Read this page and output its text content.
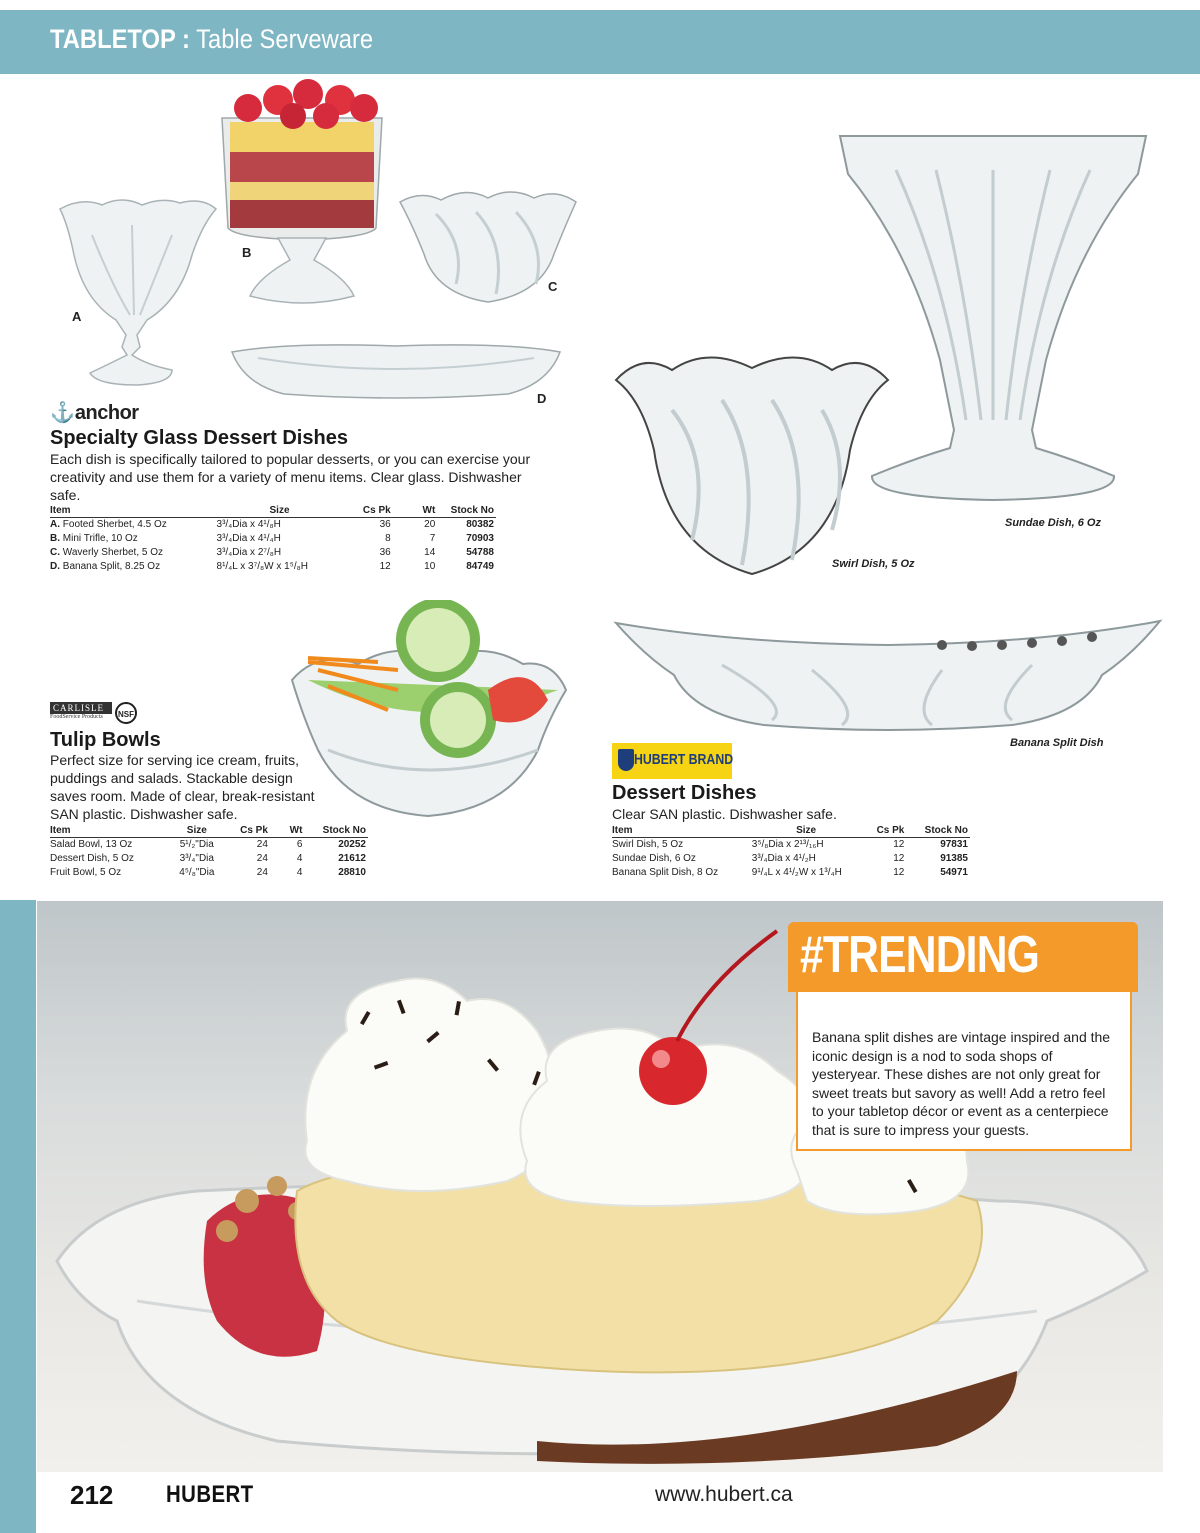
TABLETOP : Table Serveware
A
B
C
D
⚓anchor
Specialty Glass Dessert Dishes
Each dish is specifically tailored to popular desserts, or you can exercise your creativity and use them for a variety of menu items. Clear glass. Dishwasher safe.
Item	Size	Cs Pk	Wt	Stock No
A. Footed Sherbet, 4.5 Oz	3³/₄Dia x 4¹/₈H	36	20	80382
B. Mini Trifle, 10 Oz	3³/₄Dia x 4¹/₄H	8	7	70903
C. Waverly Sherbet, 5 Oz	3³/₄Dia x 2⁷/₈H	36	14	54788
D. Banana Split, 8.25 Oz	8¹/₄L x 3⁷/₈W x 1⁵/₈H	12	10	84749
Sundae Dish, 6 Oz
Swirl Dish, 5 Oz
Banana Split Dish
CARLISLE
FoodService Products	NSF
Tulip Bowls
Perfect size for serving ice cream, fruits, puddings and salads. Stackable design saves room. Made of clear, break-resistant SAN plastic. Dishwasher safe.
Item	Size	Cs Pk	Wt	Stock No
Salad Bowl, 13 Oz	5¹/₂"Dia	24	6	20252
Dessert Dish, 5 Oz	3³/₄"Dia	24	4	21612
Fruit Bowl, 5 Oz	4⁵/₈"Dia	24	4	28810
HUBERT BRAND
Dessert Dishes
Clear SAN plastic. Dishwasher safe.
Item	Size	Cs Pk	Stock No
Swirl Dish, 5 Oz	3⁵/₈Dia x 2¹³/₁₆H	12	97831
Sundae Dish, 6 Oz	3³/₄Dia x 4¹/₂H	12	91385
Banana Split Dish, 8 Oz	9¹/₄L x 4¹/₂W x 1³/₄H	12	54971
#TRENDING
Banana split dishes are vintage inspired and the iconic design is a nod to soda shops of yesteryear. These dishes are not only great for sweet treats but savory as well! Add a retro feel to your tabletop décor or event as a centerpiece that is sure to impress your guests.
212 HUBERT	www.hubert.ca
